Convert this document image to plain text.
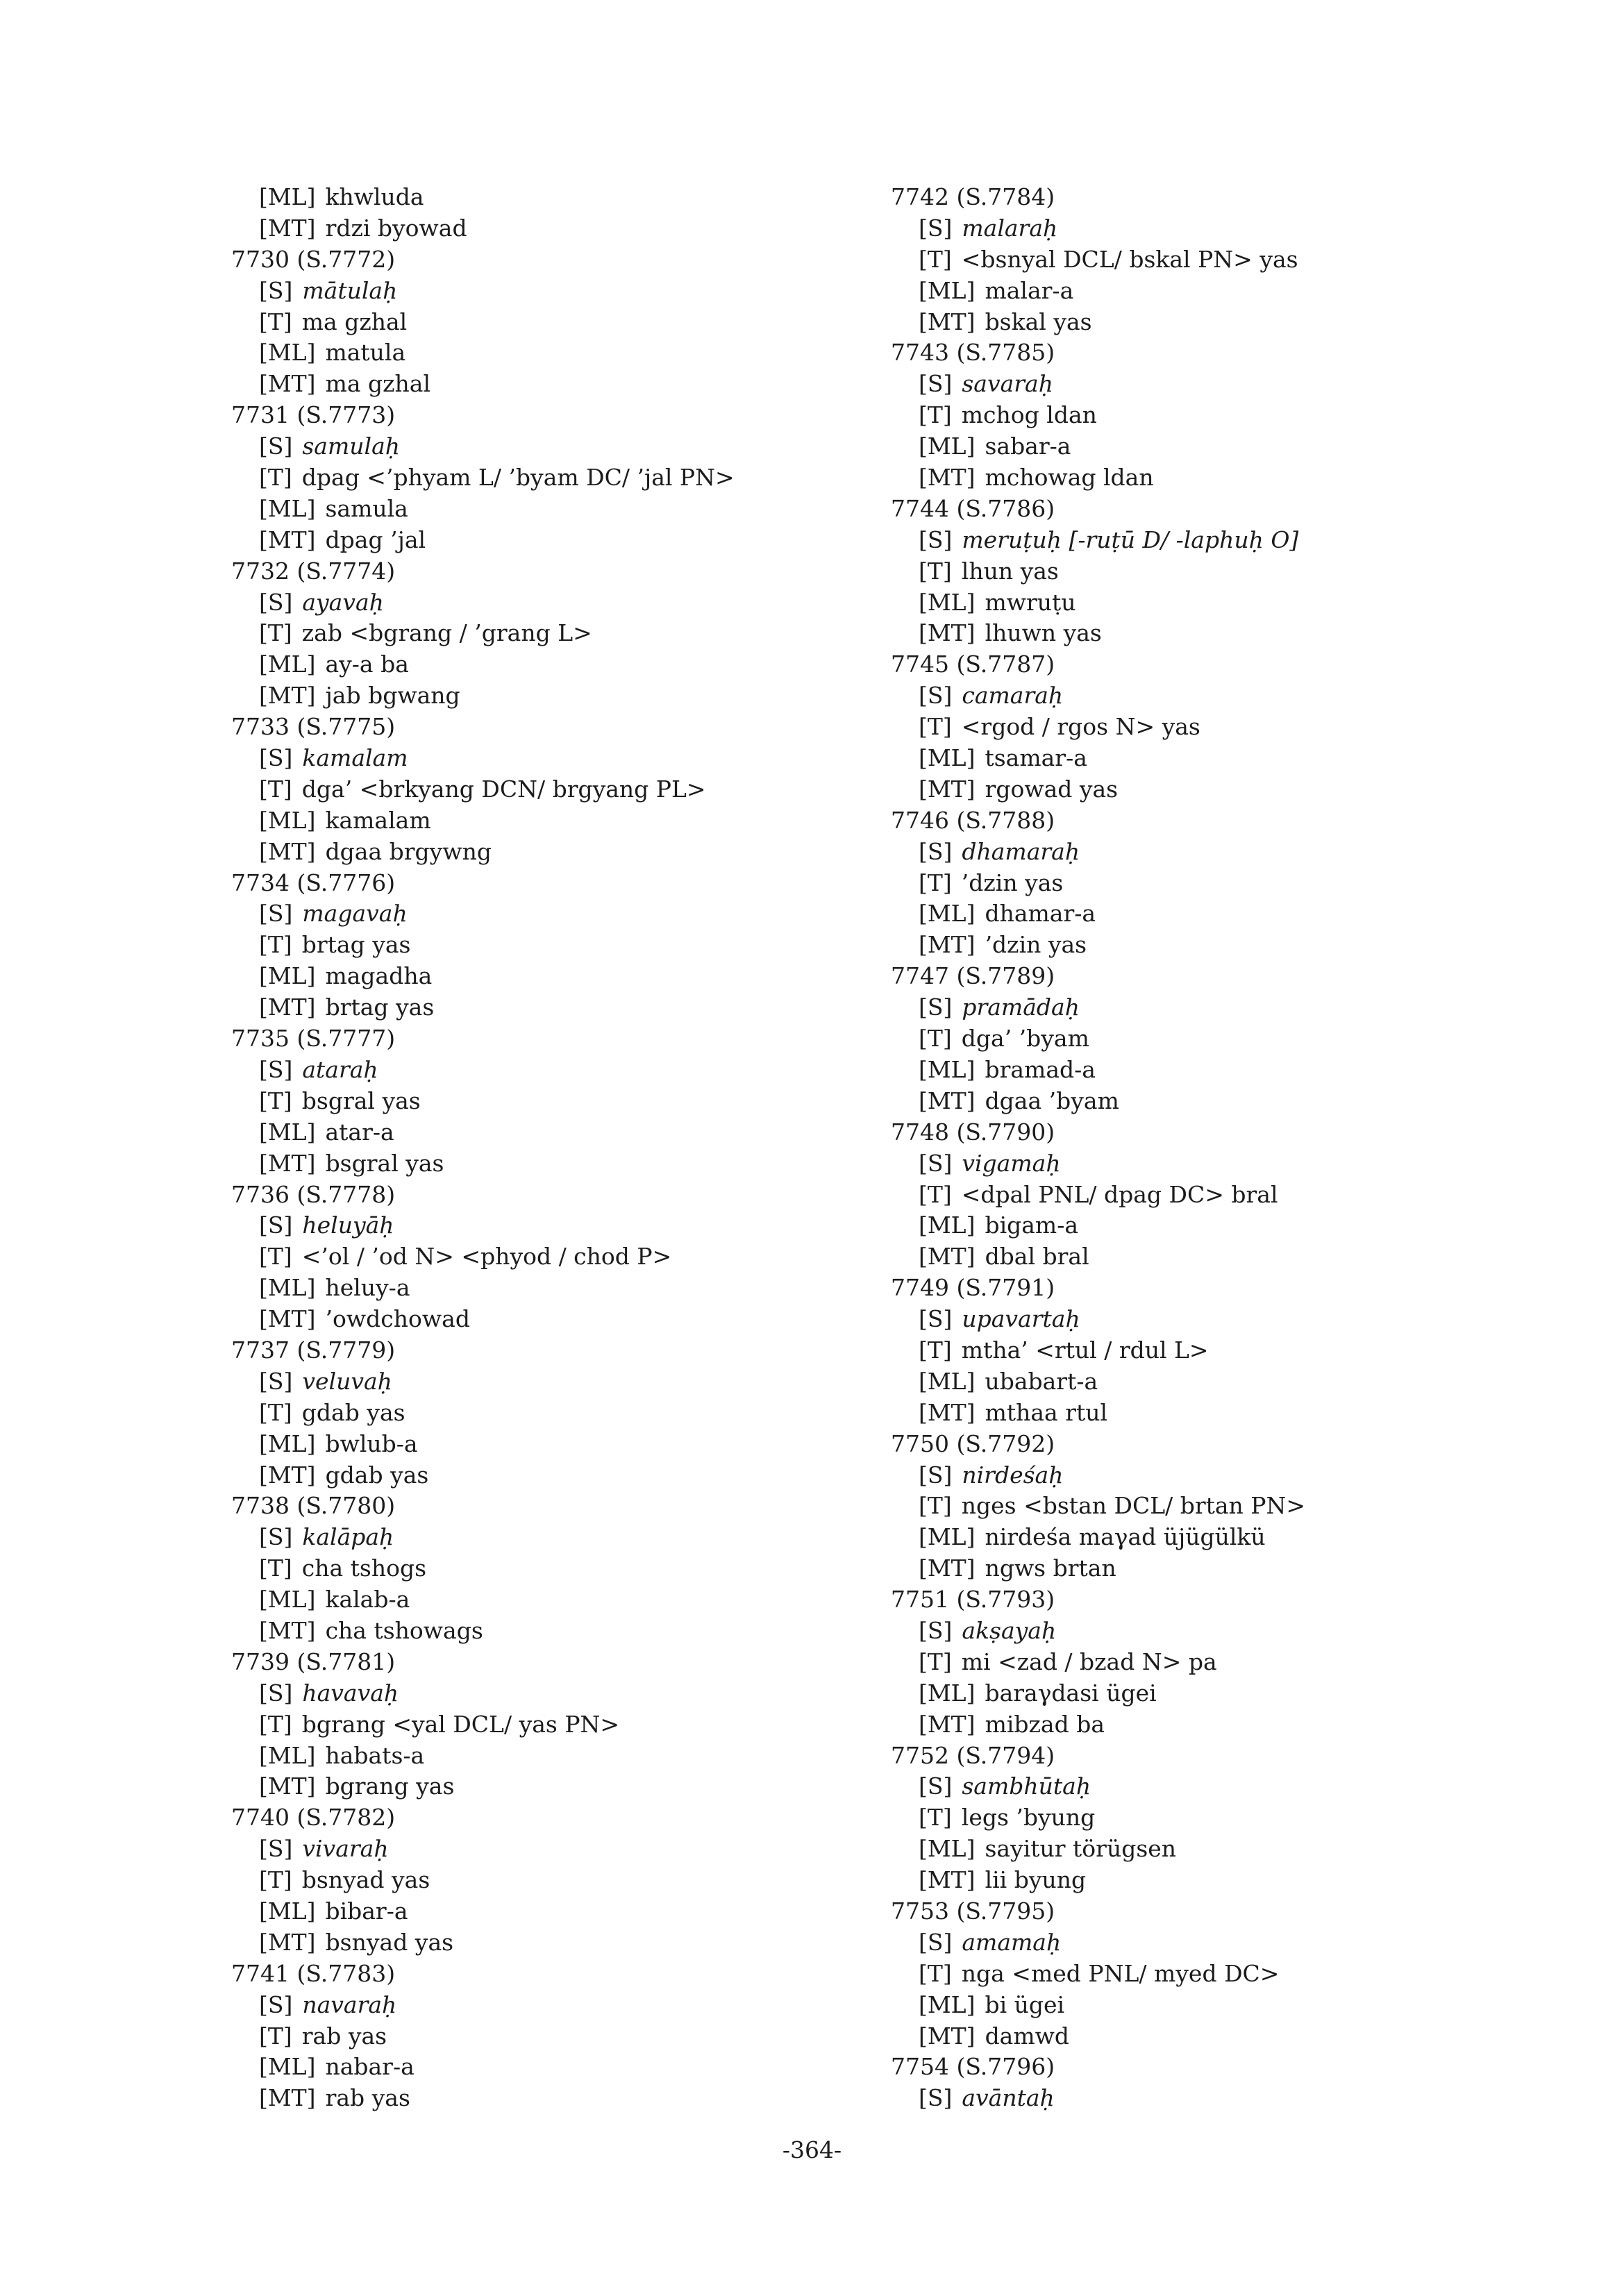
[ML] khwluda
[MT] rdzi byowad
7730 (S.7772)
[S] mātulaḥ
[T] ma gzhal
[ML] matula
[MT] ma gzhal
7731 (S.7773)
[S] samulaḥ
[T] dpag <’phyam L/ ’byam DC/ ’jal PN>
[ML] samula
[MT] dpag ’jal
7732 (S.7774)
[S] ayavaḥ
[T] zab <bgrang / ’grang L>
[ML] ay-a ba
[MT] jab bgwang
7733 (S.7775)
[S] kamalam
[T] dga’ <brkyang DCN/ brgyang PL>
[ML] kamalam
[MT] dgaa brgywng
7734 (S.7776)
[S] magavaḥ
[T] brtag yas
[ML] magadha
[MT] brtag yas
7735 (S.7777)
[S] ataraḥ
[T] bsgral yas
[ML] atar-a
[MT] bsgral yas
7736 (S.7778)
[S] heluyāḥ
[T] <’ol / ’od N> <phyod / chod P>
[ML] heluy-a
[MT] ’owdchowad
7737 (S.7779)
[S] veluvaḥ
[T] gdab yas
[ML] bwlub-a
[MT] gdab yas
7738 (S.7780)
[S] kalāpaḥ
[T] cha tshogs
[ML] kalab-a
[MT] cha tshowags
7739 (S.7781)
[S] havavaḥ
[T] bgrang <yal DCL/ yas PN>
[ML] habats-a
[MT] bgrang yas
7740 (S.7782)
[S] vivaraḥ
[T] bsnyad yas
[ML] bibar-a
[MT] bsnyad yas
7741 (S.7783)
[S] navaraḥ
[T] rab yas
[ML] nabar-a
[MT] rab yas
7742 (S.7784)
[S] malaraḥ
[T] <bsnyal DCL/ bskal PN> yas
[ML] malar-a
[MT] bskal yas
7743 (S.7785)
[S] savaraḥ
[T] mchog ldan
[ML] sabar-a
[MT] mchowag ldan
7744 (S.7786)
[S] meruṭuḥ [-ruṭū D/ -laphuḥ O]
[T] lhun yas
[ML] mwruṭu
[MT] lhuwn yas
7745 (S.7787)
[S] camaraḥ
[T] <rgod / rgos N> yas
[ML] tsamar-a
[MT] rgowad yas
7746 (S.7788)
[S] dhamaraḥ
[T] ’dzin yas
[ML] dhamar-a
[MT] ’dzin yas
7747 (S.7789)
[S] pramādaḥ
[T] dga’ ’byam
[ML] bramad-a
[MT] dgaa ’byam
7748 (S.7790)
[S] vigamaḥ
[T] <dpal PNL/ dpag DC> bral
[ML] bigam-a
[MT] dbal bral
7749 (S.7791)
[S] upavartaḥ
[T] mtha’ <rtul / rdul L>
[ML] ubabart-a
[MT] mthaa rtul
7750 (S.7792)
[S] nirdeśaḥ
[T] nges <bstan DCL/ brtan PN>
[ML] nirdeśa maγad üjügülkü
[MT] ngws brtan
7751 (S.7793)
[S] akṣayaḥ
[T] mi <zad / bzad N> pa
[ML] baraγdasi ügei
[MT] mibzad ba
7752 (S.7794)
[S] sambhūtaḥ
[T] legs ’byung
[ML] sayitur törügsen
[MT] lii byung
7753 (S.7795)
[S] amamaḥ
[T] nga <med PNL/ myed DC>
[ML] bi ügei
[MT] damwd
7754 (S.7796)
[S] avāntaḥ
-364-
